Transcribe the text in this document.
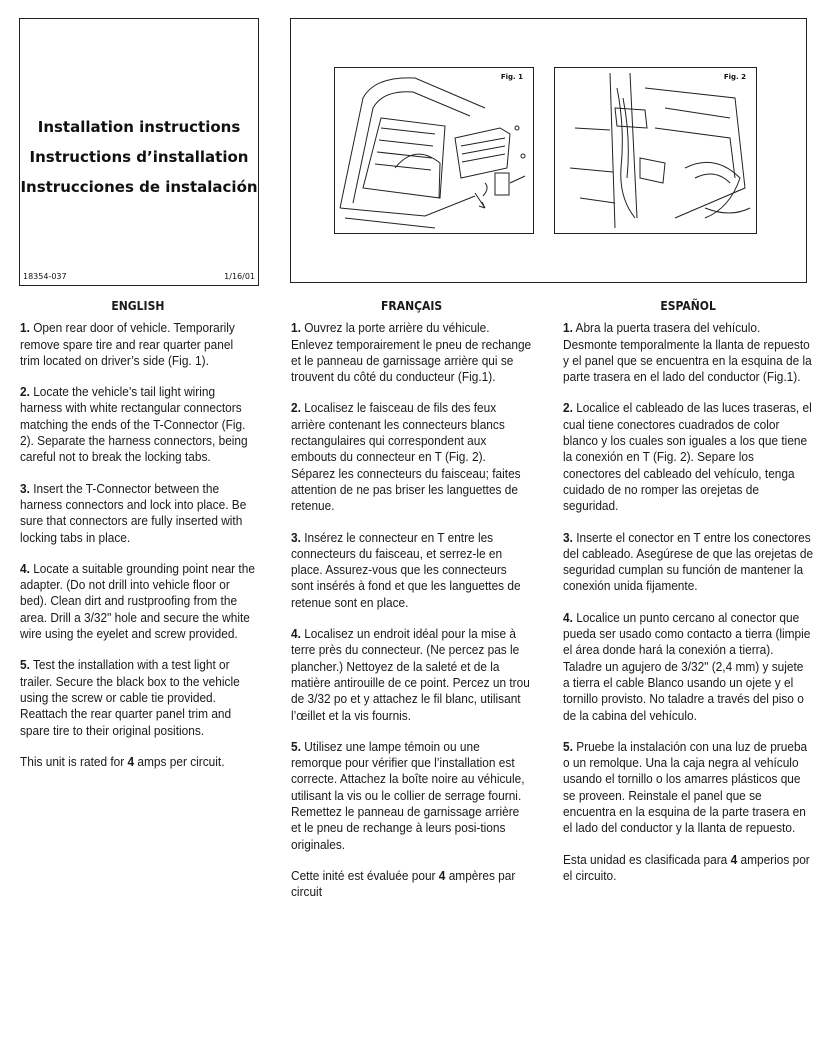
Installation instructions
Instructions d’installation
Instrucciones de instalación
18354-037	1/16/01
Fig. 1	Fig. 2
ENGLISH

1. Open rear door of vehicle. Temporarily remove spare tire and rear quarter panel trim located on driver’s side (Fig. 1).

2. Locate the vehicle’s tail light wiring harness with white rectangular connectors matching the ends of the T-Connector (Fig. 2). Separate the harness connectors, being careful not to break the locking tabs.

3. Insert the T-Connector between the harness connectors and lock into place. Be sure that connectors are fully inserted with locking tabs in place.

4. Locate a suitable grounding point near the adapter. (Do not drill into vehicle floor or bed). Clean dirt and rustproofing from the area. Drill a 3/32" hole and secure the white wire using the eyelet and screw provided.

5. Test the installation with a test light or trailer. Secure the black box to the vehicle using the screw or cable tie provided. Reattach the rear quarter panel trim and spare tire to their original positions.

This unit is rated for 4 amps per circuit.

FRANÇAIS

1. Ouvrez la porte arrière du véhicule. Enlevez temporairement le pneu de rechange et le panneau de garnissage arrière qui se trouvent du côté du conducteur (Fig.1).

2. Localisez le faisceau de fils des feux arrière contenant les connecteurs blancs rectangulaires qui correspondent aux embouts du connecteur en T (Fig. 2). Séparez les connecteurs du faisceau; faites attention de ne pas briser les languettes de retenue.

3. Insérez le connecteur en T entre les connecteurs du faisceau, et serrez-le en place. Assurez-vous que les connecteurs sont insérés à fond et que les languettes de retenue sont en place.

4. Localisez un endroit idéal pour la mise à terre près du connecteur. (Ne percez pas le plancher.) Nettoyez de la saleté et de la matière antirouille de ce point. Percez un trou de 3/32 po et y attachez le fil blanc, utilisant l’œillet et la vis fournis.

5. Utilisez une lampe témoin ou une remorque pour vérifier que l’installation est correcte. Attachez la boîte noire au véhicule, utilisant la vis ou le collier de serrage fourni. Remettez le panneau de garnissage arrière et le pneu de rechange à leurs posi-tions originales.

Cette inité est évaluée pour 4 ampères par circuit

ESPAÑOL

1. Abra la puerta trasera del vehículo. Desmonte temporalmente la llanta de repuesto y el panel que se encuentra en la esquina de la parte trasera en el lado del conductor (Fig.1).

2. Localice el cableado de las luces traseras, el cual tiene conectores cuadrados de color blanco y los cuales son iguales a los que tiene la conexión en T (Fig. 2). Separe los conectores del cableado del vehículo, tenga cuidado de no romper las orejetas de seguridad.

3. Inserte el conector en T entre los conectores del cableado. Asegúrese de que las orejetas de seguridad cumplan su función de mantener la conexión unida fijamente.

4. Localice un punto cercano al conector que pueda ser usado como contacto a tierra (limpie el área donde hará la conexión a tierra). Taladre un agujero de 3/32" (2,4 mm) y sujete a tierra el cable Blanco usando un ojete y el tornillo provisto. No taladre a través del piso o de la cabina del vehículo.

5. Pruebe la instalación con una luz de prueba o un remolque. Una la caja negra al vehículo usando el tornillo o los amarres plásticos que se proveen. Reinstale el panel que se encuentra en la esquina de la parte trasera en el lado del conductor y la llanta de repuesto.

Esta unidad es clasificada para 4 amperios por el circuito.
